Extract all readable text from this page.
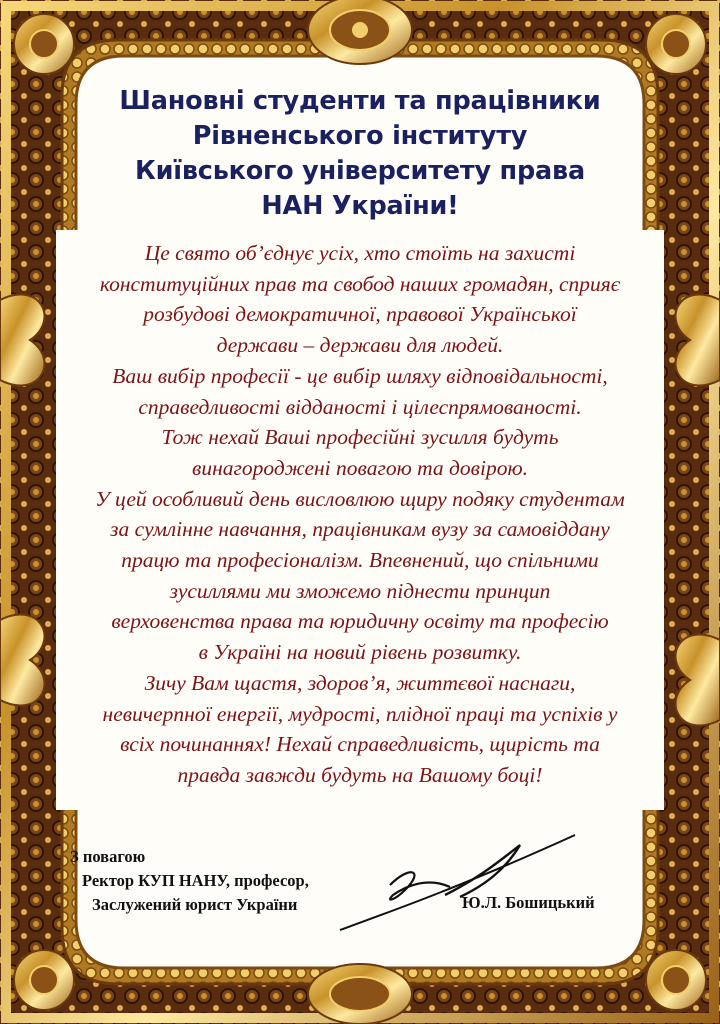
Шановні студенти та працівники
Рівненського інституту
Київського університету права
НАН України!
Це свято об’єднує усіх, хто стоїть на захисті
конституційних прав та свобод наших громадян, сприяє
розбудові демократичної, правової Української
держави – держави для людей.
Ваш вибір професії - це вибір шляху відповідальності,
справедливості відданості і цілеспрямованості.
Тож нехай Ваші професійні зусилля будуть
винагороджені повагою та довірою.
У цей особливий день висловлюю щиру подяку студентам
за сумлінне навчання, працівникам вузу за самовіддану
працю та професіоналізм. Впевнений, що спільними
зусиллями ми зможемо піднести принцип
верховенства права та юридичну освіту та професію
в Україні на новий рівень розвитку.
Зичу Вам щастя, здоров’я, життєвої наснаги,
невичерпної енергії, мудрості, плідної праці та успіхів у
всіх починаннях! Нехай справедливість, щирість та
правда завжди будуть на Вашому боці!
З повагою
Ректор КУП НАНУ, професор,
Заслужений юрист України	Ю.Л. Бошицький
